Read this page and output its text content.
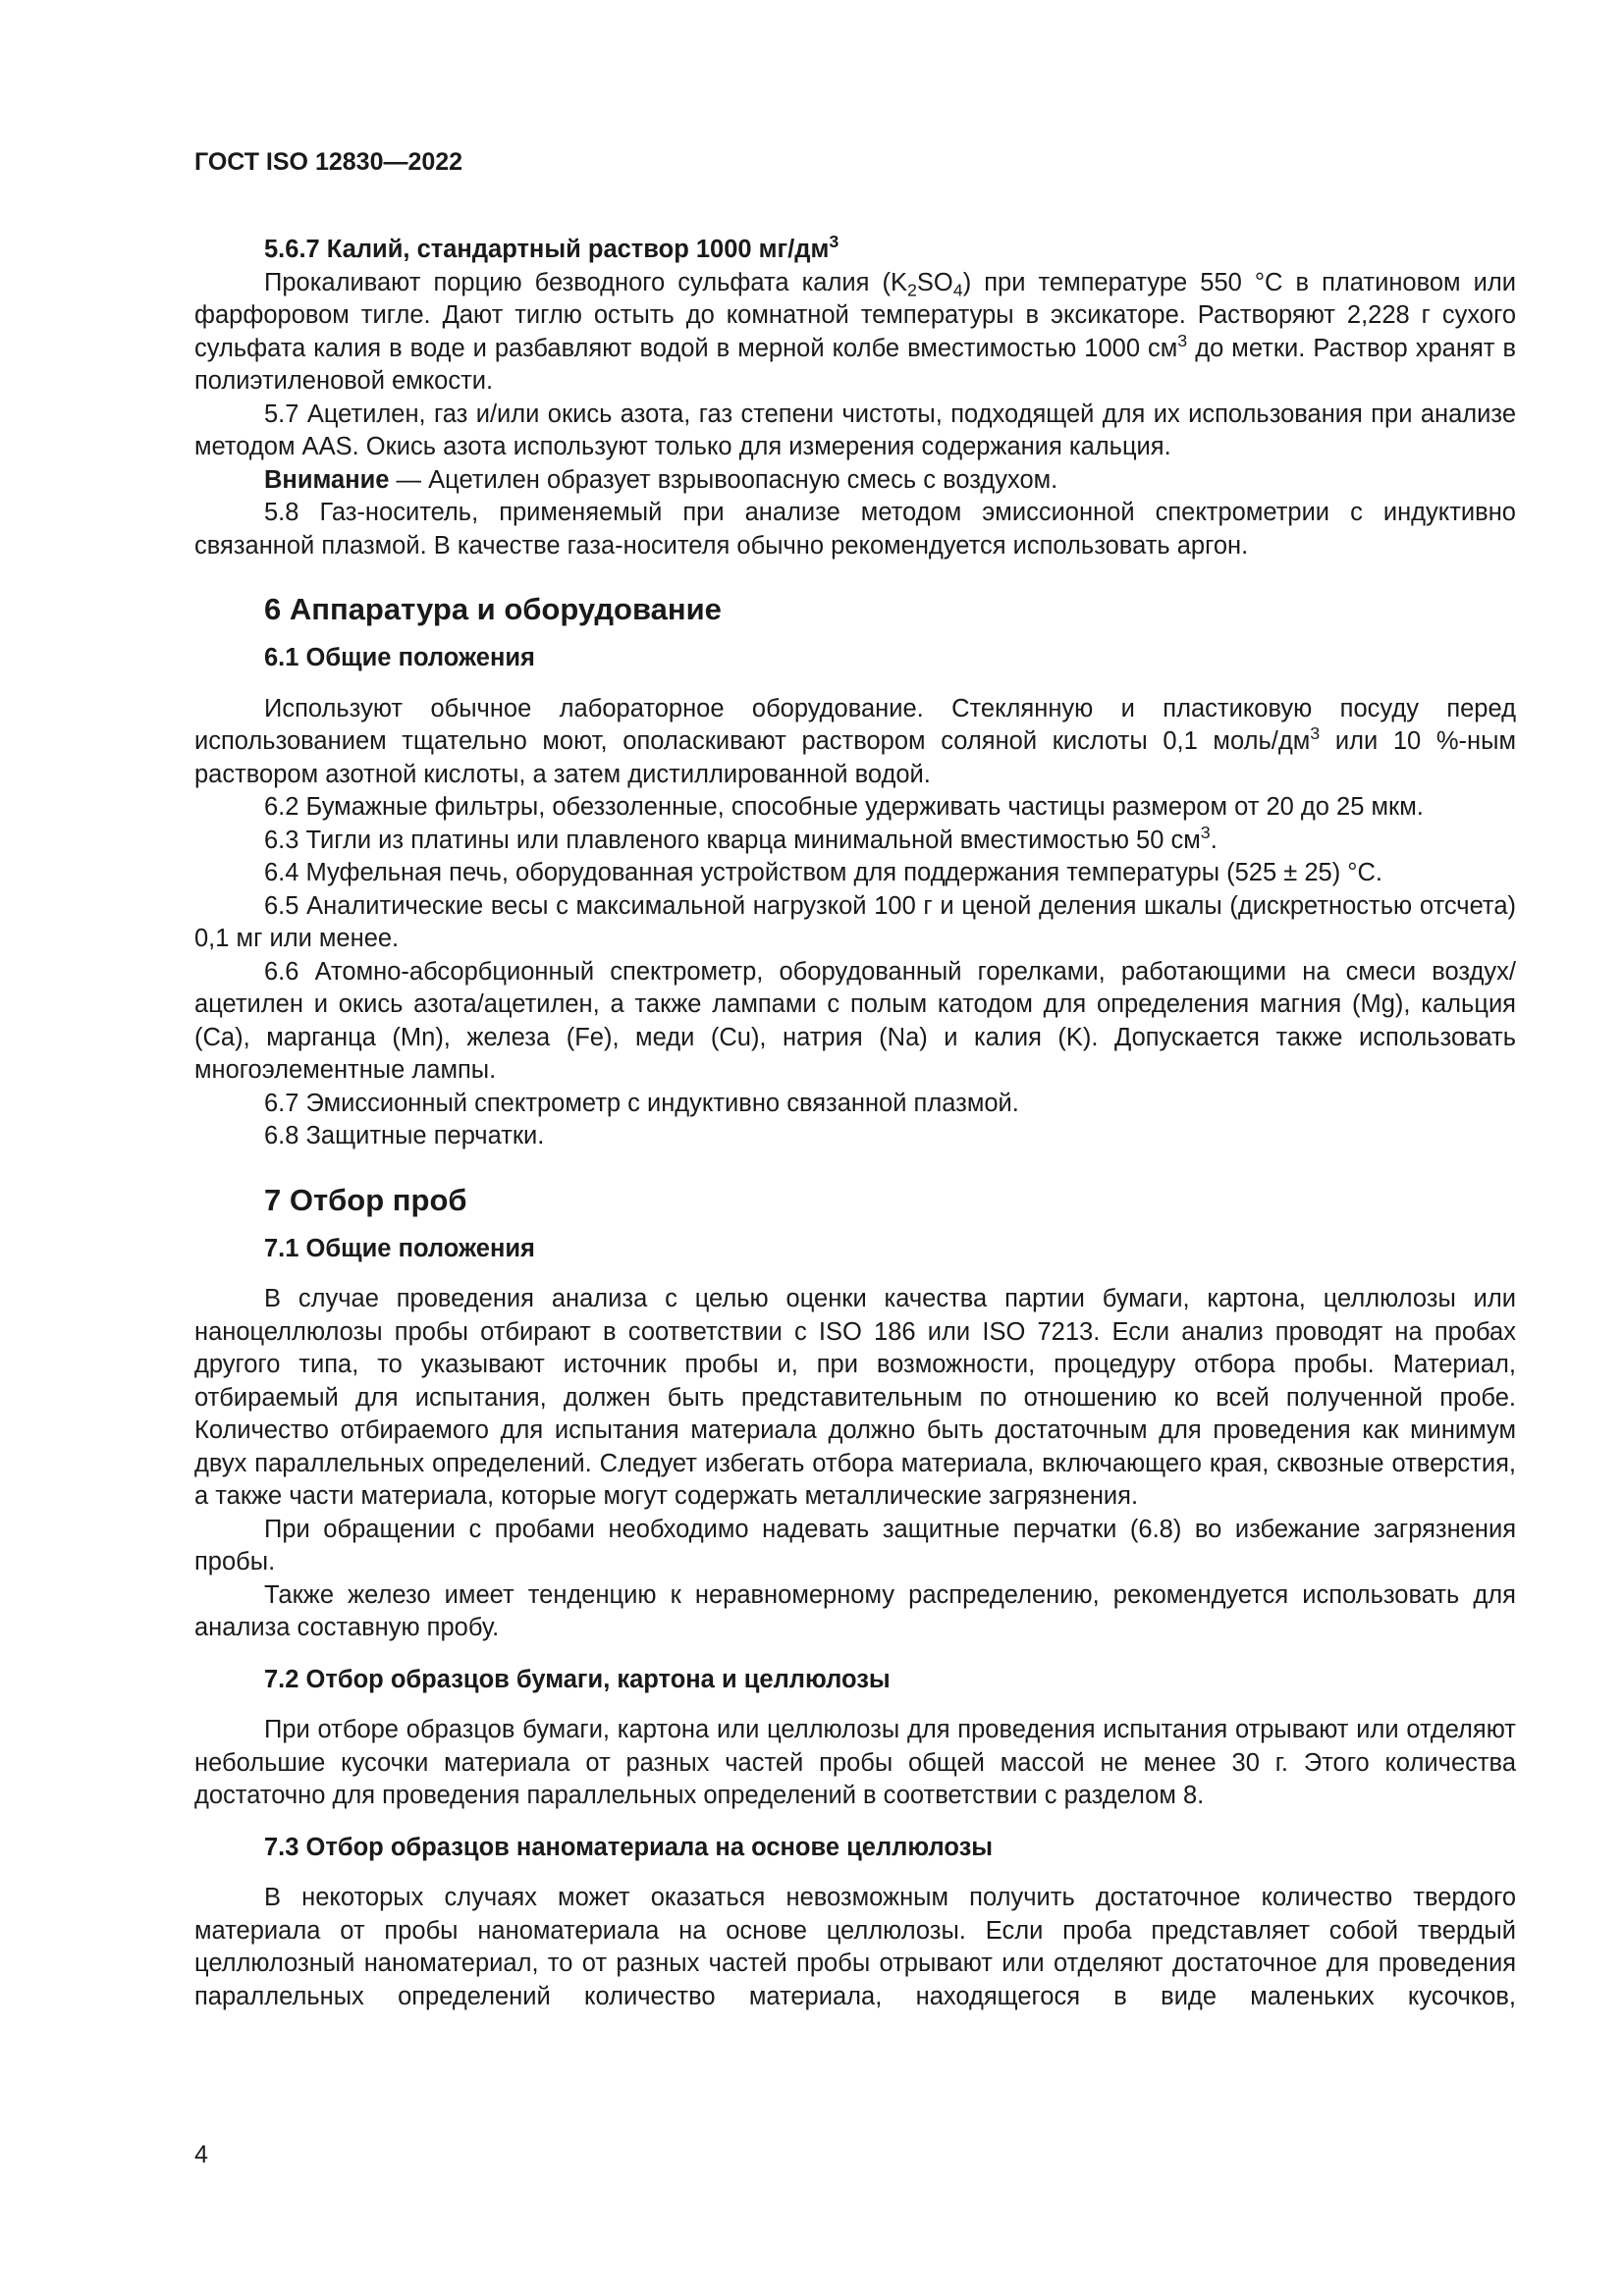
ГОСТ ISO 12830—2022
5.6.7 Калий, стандартный раствор 1000 $мг/дм^3$

Прокаливают порцию безводного сульфата калия $(K_2SO_4)$ при температуре 550 °C в платиновом или фарфоровом тигле. Дают тиглю остыть до комнатной температуры в эксикаторе. Растворяют 2,228 г сухого сульфата калия в воде и разбавляют водой в мерной колбе вместимостью 1000 $см^3$ до метки. Раствор хранят в полиэтиленовой емкости.

5.7 Ацетилен, газ и/или окись азота, газ степени чистоты, подходящей для их использования при анализе методом AAS. Окись азота используют только для измерения содержания кальция.

Внимание — Ацетилен образует взрывоопасную смесь с воздухом.

5.8 Газ-носитель, применяемый при анализе методом эмиссионной спектрометрии с индуктивно связанной плазмой. В качестве газа-носителя обычно рекомендуется использовать аргон.

6 Аппаратура и оборудование
6.1 Общие положения

Используют обычное лабораторное оборудование. Стеклянную и пластиковую посуду перед использованием тщательно моют, ополаскивают раствором соляной кислоты 0,1 моль/$дм^3$ или 10 %-ным раствором азотной кислоты, а затем дистиллированной водой.

6.2 Бумажные фильтры, обеззоленные, способные удерживать частицы размером от 20 до 25 мкм.

6.3 Тигли из платины или плавленого кварца минимальной вместимостью 50 $см^3$.

6.4 Муфельная печь, оборудованная устройством для поддержания температуры (525 ± 25) °C.

6.5 Аналитические весы с максимальной нагрузкой 100 г и ценой деления шкалы (дискретностью отсчета) 0,1 мг или менее.

6.6 Атомно-абсорбционный спектрометр, оборудованный горелками, работающими на смеси воздух/ацетилен и окись азота/ацетилен, а также лампами с полым катодом для определения магния (Mg), кальция (Ca), марганца (Mn), железа (Fe), меди (Cu), натрия (Na) и калия (K). Допускается также использовать многоэлементные лампы.

6.7 Эмиссионный спектрометр с индуктивно связанной плазмой.

6.8 Защитные перчатки.

7 Отбор проб
7.1 Общие положения

В случае проведения анализа с целью оценки качества партии бумаги, картона, целлюлозы или наноцеллюлозы пробы отбирают в соответствии с ISO 186 или ISO 7213. Если анализ проводят на пробах другого типа, то указывают источник пробы и, при возможности, процедуру отбора пробы. Материал, отбираемый для испытания, должен быть представительным по отношению ко всей полученной пробе. Количество отбираемого для испытания материала должно быть достаточным для проведения как минимум двух параллельных определений. Следует избегать отбора материала, включающего края, сквозные отверстия, а также части материала, которые могут содержать металлические загрязнения.

При обращении с пробами необходимо надевать защитные перчатки (6.8) во избежание загрязнения пробы.

Также железо имеет тенденцию к неравномерному распределению, рекомендуется использовать для анализа составную пробу.

7.2 Отбор образцов бумаги, картона и целлюлозы

При отборе образцов бумаги, картона или целлюлозы для проведения испытания отрывают или отделяют небольшие кусочки материала от разных частей пробы общей массой не менее 30 г. Этого количества достаточно для проведения параллельных определений в соответствии с разделом 8.

7.3 Отбор образцов наноматериала на основе целлюлозы

В некоторых случаях может оказаться невозможным получить достаточное количество твердого материала от пробы наноматериала на основе целлюлозы. Если проба представляет собой твердый целлюлозный наноматериал, то от разных частей пробы отрывают или отделяют достаточное для проведения параллельных определений количество материала, находящегося в виде маленьких кусочков,

4
